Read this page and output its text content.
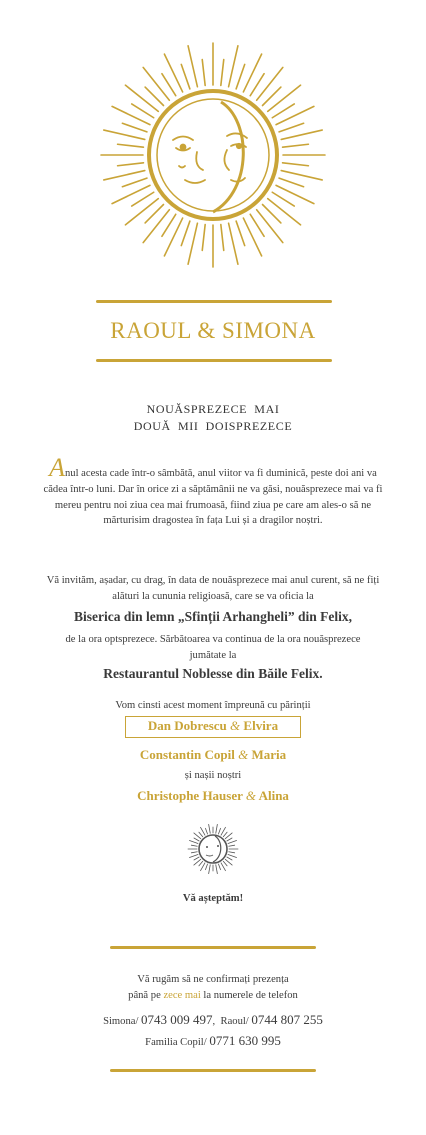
RAOUL & SIMONA
NOUĂSPREZECE  MAI
DOUĂ  MII  DOISPREZECE
Anul acesta cade într-o sâmbătă, anul viitor va fi duminică, peste doi ani va cădea într-o luni. Dar în orice zi a săptămânii ne va găsi, nouăsprezece mai va fi mereu pentru noi ziua cea mai frumoasă, fiind ziua pe care am ales-o să ne mărturisim dragostea în fața Lui și a dragilor noștri.
Vă invităm, așadar, cu drag, în data de nouăsprezece mai anul curent, să ne fiți alături la cununia religioasă, care se va oficia la
Biserica din lemn „Sfinții Arhangheli” din Felix,
de la ora optsprezece. Sărbătoarea va continua de la ora nouăsprezece jumătate la
Restaurantul Noblesse din Băile Felix.
Vom cinsti acest moment împreună cu părinții
Dan Dobrescu & Elvira
Constantin Copil & Maria
și nașii noștri
Christophe Hauser & Alina
Vă așteptăm!
Vă rugăm să ne confirmați prezența
până pe zece mai la numerele de telefon
Simona/ 0743 009 497,  Raoul/ 0744 807 255
Familia Copil/ 0771 630 995
